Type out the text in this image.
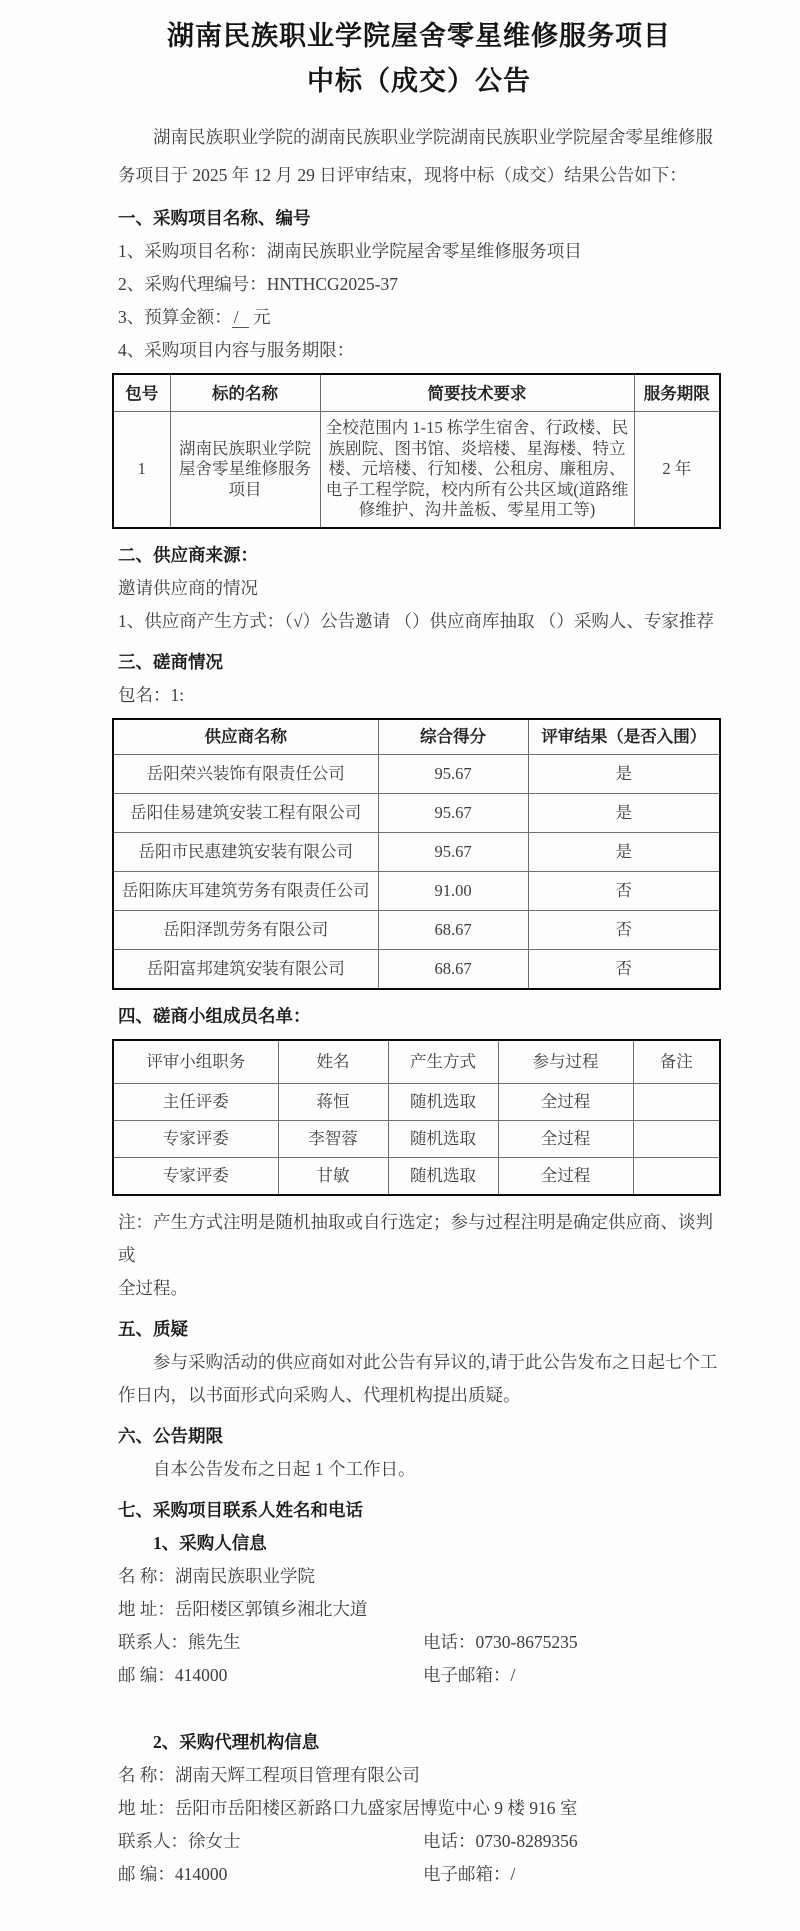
湖南民族职业学院屋舍零星维修服务项目
中标（成交）公告

湖南民族职业学院的湖南民族职业学院湖南民族职业学院屋舍零星维修服务项目于 2025 年 12 月 29 日评审结束，现将中标（成交）结果公告如下：

一、采购项目名称、编号

1、采购项目名称：湖南民族职业学院屋舍零星维修服务项目

2、采购代理编号：HNTHCG2025-37

3、预算金额： / 元

4、采购项目内容与服务期限：

包号	标的名称	简要技术要求	服务期限
1	湖南民族职业学院屋舍零星维修服务项目	全校范围内 1-15 栋学生宿舍、行政楼、民族剧院、图书馆、炎培楼、星海楼、特立楼、元培楼、行知楼、公租房、廉租房、电子工程学院，校内所有公共区域(道路维修维护、沟井盖板、零星用工等)	2 年

二、供应商来源：

邀请供应商的情况

1、供应商产生方式：（√）公告邀请 （）供应商库抽取 （）采购人、专家推荐

三、磋商情况

包名：1:

供应商名称	综合得分	评审结果（是否入围）
岳阳荣兴装饰有限责任公司	95.67	是
岳阳佳易建筑安装工程有限公司	95.67	是
岳阳市民惠建筑安装有限公司	95.67	是
岳阳陈庆耳建筑劳务有限责任公司	91.00	否
岳阳泽凯劳务有限公司	68.67	否
岳阳富邦建筑安装有限公司	68.67	否

四、磋商小组成员名单：

评审小组职务	姓名	产生方式	参与过程	备注
主任评委	蒋恒	随机选取	全过程	
专家评委	李智蓉	随机选取	全过程	
专家评委	甘敏	随机选取	全过程	

注：产生方式注明是随机抽取或自行选定；参与过程注明是确定供应商、谈判或

全过程。

五、质疑

参与采购活动的供应商如对此公告有异议的,请于此公告发布之日起七个工作日内，以书面形式向采购人、代理机构提出质疑。

六、公告期限

自本公告发布之日起 1 个工作日。

七、采购项目联系人姓名和电话

1、采购人信息

名 称：湖南民族职业学院

地 址：岳阳楼区郭镇乡湘北大道

联系人：熊先生	电话：0730-8675235
邮 编：414000	电子邮箱：/

2、采购代理机构信息

名 称：湖南天辉工程项目管理有限公司

地 址：岳阳市岳阳楼区新路口九盛家居博览中心 9 楼 916 室

联系人：徐女士	电话：0730-8289356
邮 编：414000	电子邮箱：/
